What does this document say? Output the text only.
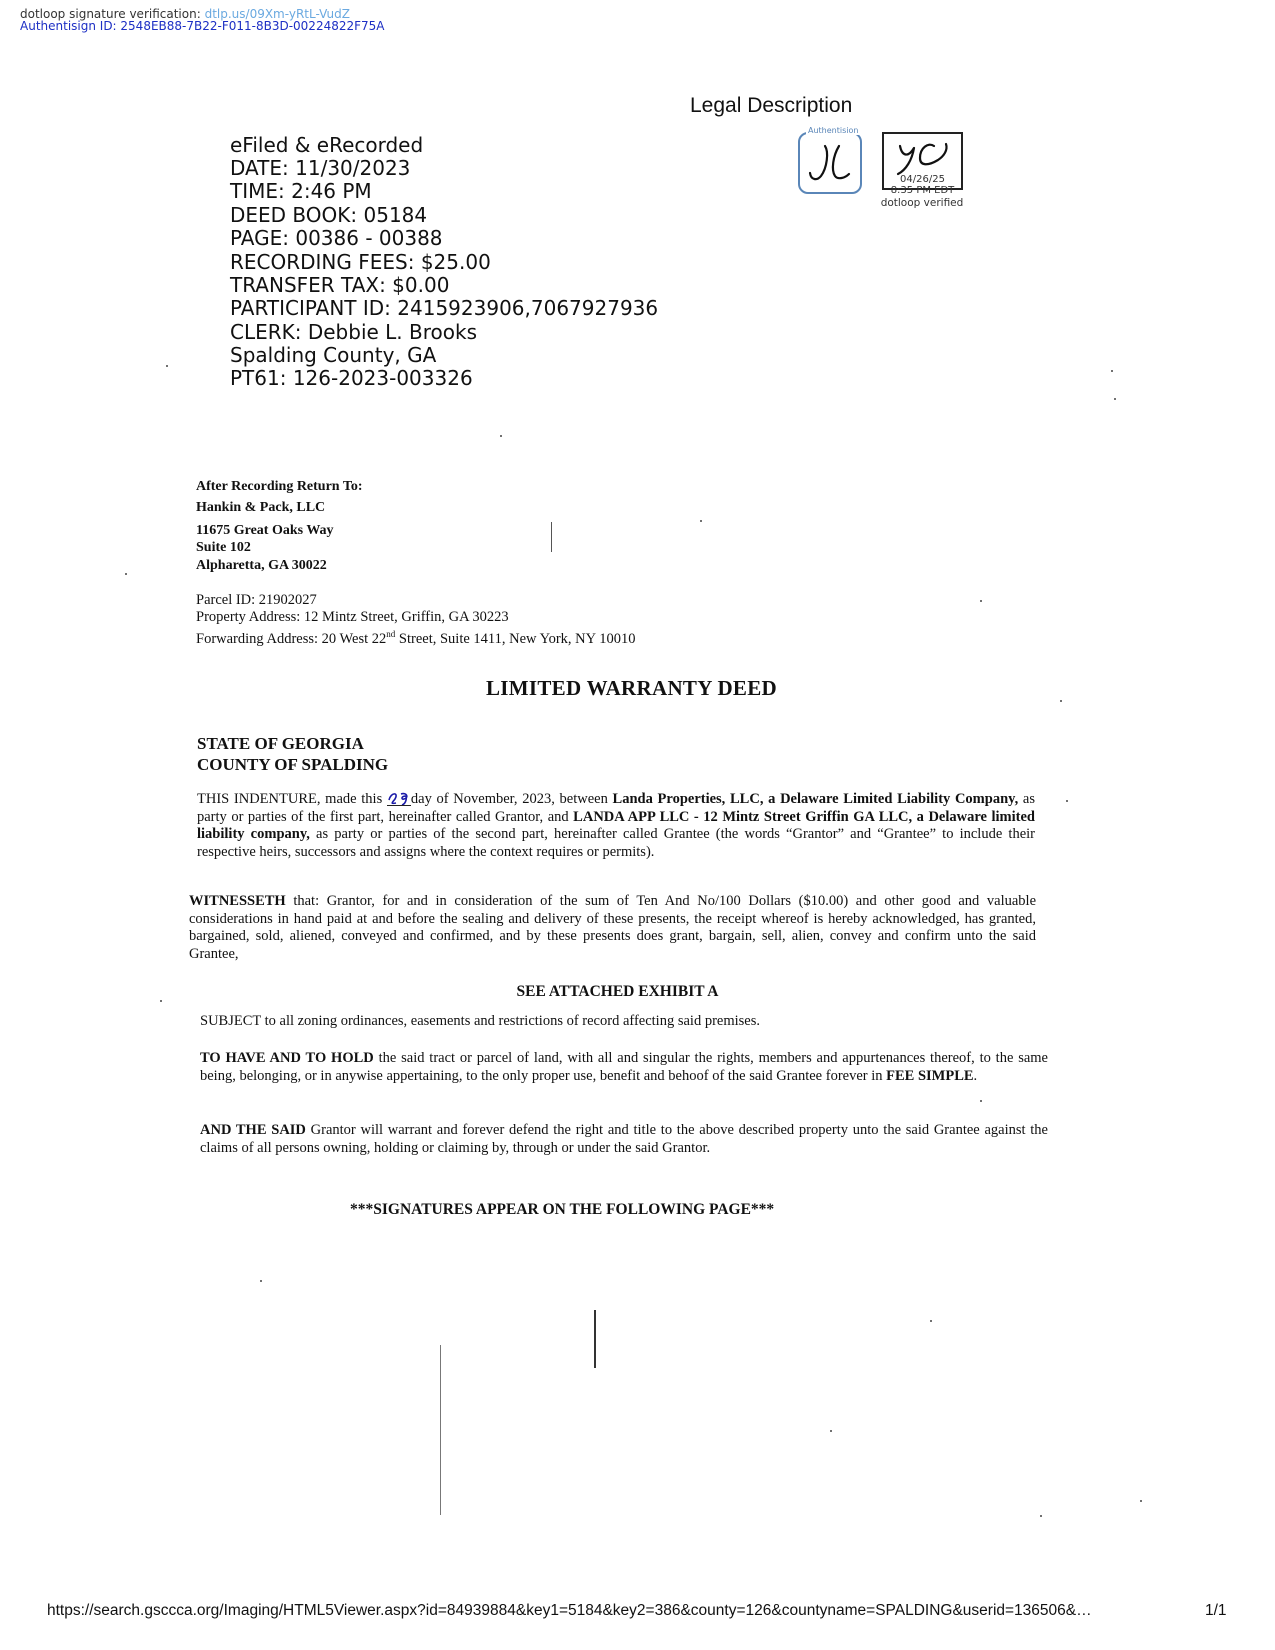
dotloop signature verification: dtlp.us/09Xm-yRtL-VudZ
Authentisign ID: 2548EB88-7B22-F011-8B3D-00224822F75A
Legal Description
eFiled & eRecorded
DATE: 11/30/2023
TIME: 2:46 PM
DEED BOOK: 05184
PAGE: 00386 - 00388
RECORDING FEES: $25.00
TRANSFER TAX: $0.00
PARTICIPANT ID: 2415923906,7067927936
CLERK: Debbie L. Brooks
Spalding County, GA
PT61: 126-2023-003326
Authentision
04/26/25
8:35 PM EDT
dotloop verified
After Recording Return To:
Hankin & Pack, LLC
11675 Great Oaks Way
Suite 102
Alpharetta, GA 30022
Parcel ID: 21902027
Property Address: 12 Mintz Street, Griffin, GA 30223
Forwarding Address: 20 West 22nd Street, Suite 1411, New York, NY 10010
LIMITED WARRANTY DEED
STATE OF GEORGIA
COUNTY OF SPALDING
THIS INDENTURE, made this day of November, 2023, between Landa Properties, LLC, a Delaware Limited Liability Company, as party or parties of the first part, hereinafter called Grantor, and LANDA APP LLC - 12 Mintz Street Griffin GA LLC, a Delaware limited liability company, as party or parties of the second part, hereinafter called Grantee (the words “Grantor” and “Grantee” to include their respective heirs, successors and assigns where the context requires or permits).
WITNESSETH that: Grantor, for and in consideration of the sum of Ten And No/100 Dollars ($10.00) and other good and valuable considerations in hand paid at and before the sealing and delivery of these presents, the receipt whereof is hereby acknowledged, has granted, bargained, sold, aliened, conveyed and confirmed, and by these presents does grant, bargain, sell, alien, convey and confirm unto the said Grantee,
SEE ATTACHED EXHIBIT A
SUBJECT to all zoning ordinances, easements and restrictions of record affecting said premises.
TO HAVE AND TO HOLD the said tract or parcel of land, with all and singular the rights, members and appurtenances thereof, to the same being, belonging, or in anywise appertaining, to the only proper use, benefit and behoof of the said Grantee forever in FEE SIMPLE.
AND THE SAID Grantor will warrant and forever defend the right and title to the above described property unto the said Grantee against the claims of all persons owning, holding or claiming by, through or under the said Grantor.
***SIGNATURES APPEAR ON THE FOLLOWING PAGE***
https://search.gsccca.org/Imaging/HTML5Viewer.aspx?id=84939884&key1=5184&key2=386&county=126&countyname=SPALDING&userid=136506&…	1/1
